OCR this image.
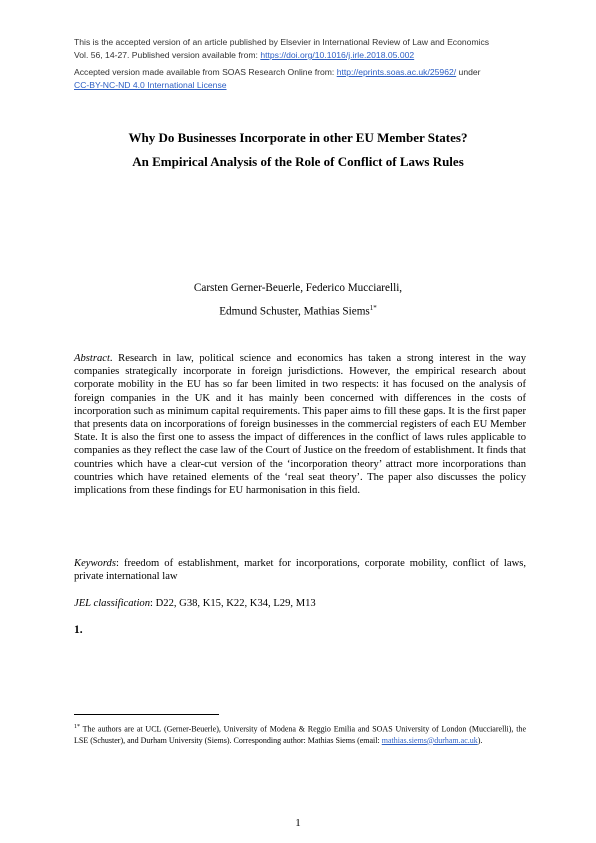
This is the accepted version of an article published by Elsevier in International Review of Law and Economics
Vol. 56, 14-27. Published version available from: https://doi.org/10.1016/j.irle.2018.05.002
Accepted version made available from SOAS Research Online from: http://eprints.soas.ac.uk/25962/ under
CC-BY-NC-ND 4.0 International License
Why Do Businesses Incorporate in other EU Member States?
An Empirical Analysis of the Role of Conflict of Laws Rules
Carsten Gerner-Beuerle, Federico Mucciarelli,
Edmund Schuster, Mathias Siems$^{1*}$
Abstract. Research in law, political science and economics has taken a strong interest in the way companies strategically incorporate in foreign jurisdictions. However, the empirical research about corporate mobility in the EU has so far been limited in two respects: it has focused on the analysis of foreign companies in the UK and it has mainly been concerned with differences in the costs of incorporation such as minimum capital requirements. This paper aims to fill these gaps. It is the first paper that presents data on incorporations of foreign businesses in the commercial registers of each EU Member State. It is also the first one to assess the impact of differences in the conflict of laws rules applicable to companies as they reflect the case law of the Court of Justice on the freedom of establishment. It finds that countries which have a clear-cut version of the ‘incorporation theory’ attract more incorporations than countries which have retained elements of the ‘real seat theory’. The paper also discusses the policy implications from these findings for EU harmonisation in this field.
Keywords: freedom of establishment, market for incorporations, corporate mobility, conflict of laws, private international law
JEL classification: D22, G38, K15, K22, K34, L29, M13
1.
$^{1*}$ The authors are at UCL (Gerner-Beuerle), University of Modena & Reggio Emilia and SOAS University of London (Mucciarelli), the LSE (Schuster), and Durham University (Siems). Corresponding author: Mathias Siems (email: mathias.siems@durham.ac.uk).
1
